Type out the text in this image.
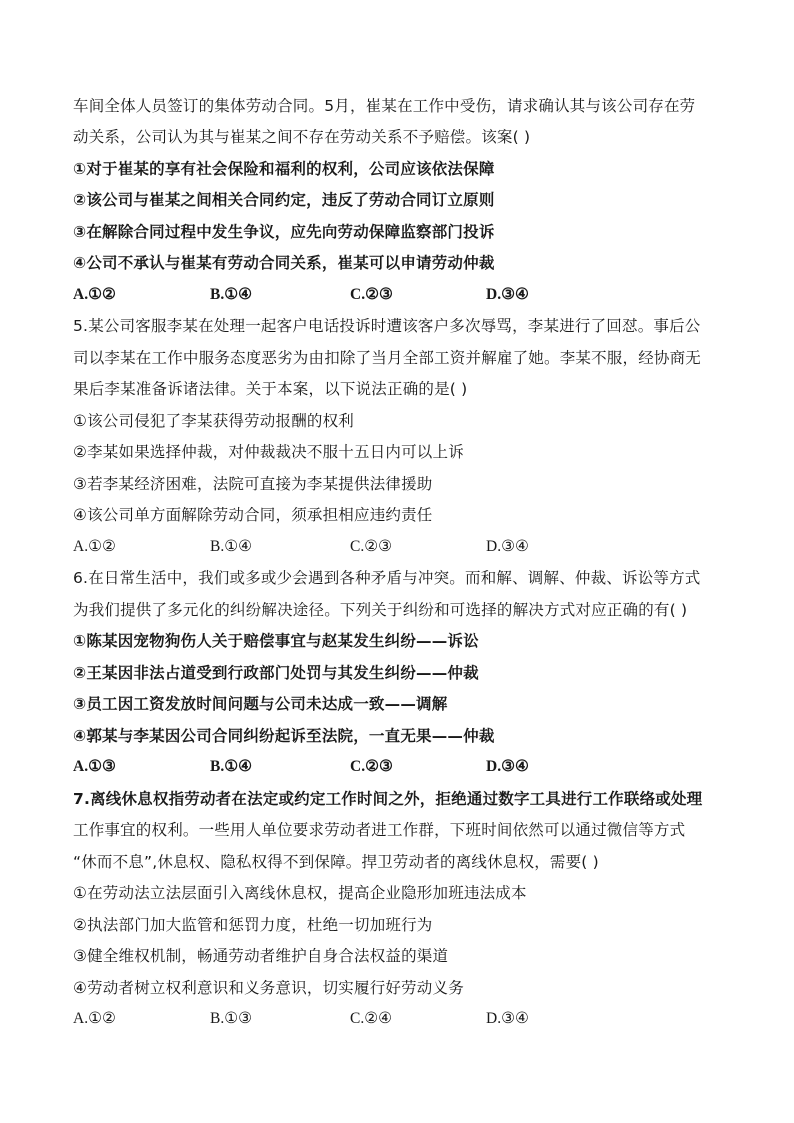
车间全体人员签订的集体劳动合同。5月，崔某在工作中受伤，请求确认其与该公司存在劳
动关系，公司认为其与崔某之间不存在劳动关系不予赔偿。该案( )
①对于崔某的享有社会保险和福利的权利，公司应该依法保障
②该公司与崔某之间相关合同约定，违反了劳动合同订立原则
③在解除合同过程中发生争议，应先向劳动保障监察部门投诉
④公司不承认与崔某有劳动合同关系，崔某可以申请劳动仲裁
A.①②	B.①④	C.②③	D.③④
5.某公司客服李某在处理一起客户电话投诉时遭该客户多次辱骂，李某进行了回怼。事后公
司以李某在工作中服务态度恶劣为由扣除了当月全部工资并解雇了她。李某不服，经协商无
果后李某准备诉诸法律。关于本案，以下说法正确的是( )
①该公司侵犯了李某获得劳动报酬的权利
②李某如果选择仲裁，对仲裁裁决不服十五日内可以上诉
③若李某经济困难，法院可直接为李某提供法律援助
④该公司单方面解除劳动合同，须承担相应违约责任
A.①②	B.①④	C.②③	D.③④
6.在日常生活中，我们或多或少会遇到各种矛盾与冲突。而和解、调解、仲裁、诉讼等方式
为我们提供了多元化的纠纷解决途径。下列关于纠纷和可选择的解决方式对应正确的有( )
①陈某因宠物狗伤人关于赔偿事宜与赵某发生纠纷——诉讼
②王某因非法占道受到行政部门处罚与其发生纠纷——仲裁
③员工因工资发放时间问题与公司未达成一致——调解
④郭某与李某因公司合同纠纷起诉至法院，一直无果——仲裁
A.①③	B.①④	C.②③	D.③④
7.离线休息权指劳动者在法定或约定工作时间之外，拒绝通过数字工具进行工作联络或处理
工作事宜的权利。一些用人单位要求劳动者进工作群，下班时间依然可以通过微信等方式
“休而不息”,休息权、隐私权得不到保障。捍卫劳动者的离线休息权，需要( )
①在劳动法立法层面引入离线休息权，提高企业隐形加班违法成本
②执法部门加大监管和惩罚力度，杜绝一切加班行为
③健全维权机制，畅通劳动者维护自身合法权益的渠道
④劳动者树立权利意识和义务意识，切实履行好劳动义务
A.①②	B.①③	C.②④	D.③④
